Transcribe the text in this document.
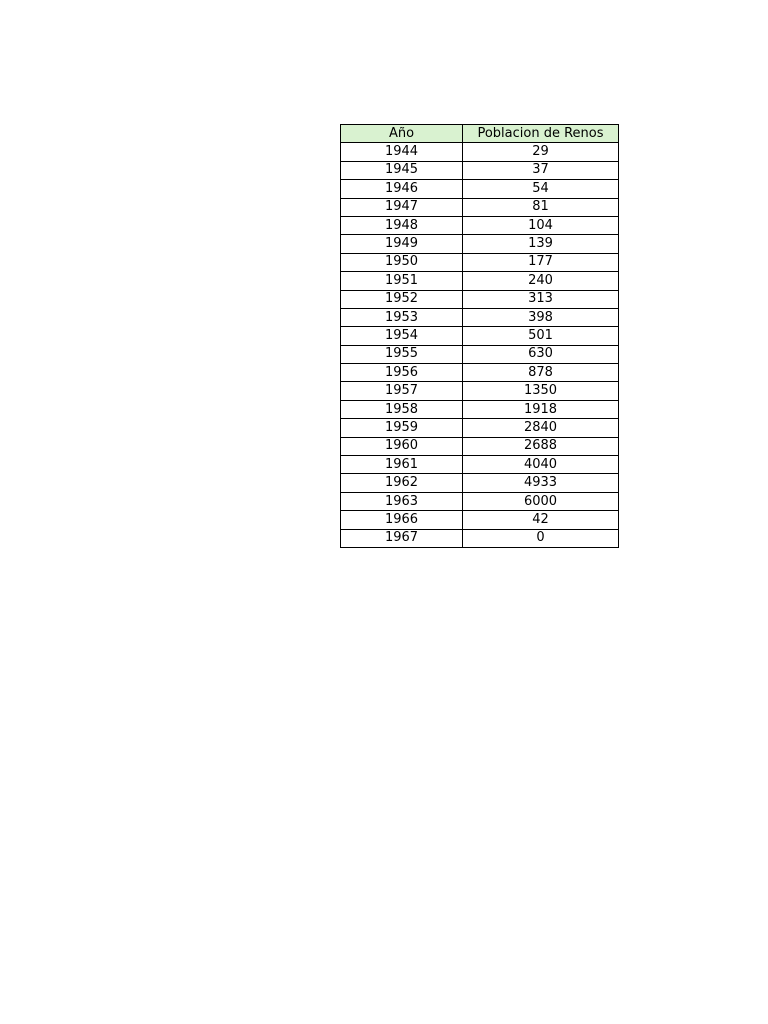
Año	Poblacion de Renos
1944	29
1945	37
1946	54
1947	81
1948	104
1949	139
1950	177
1951	240
1952	313
1953	398
1954	501
1955	630
1956	878
1957	1350
1958	1918
1959	2840
1960	2688
1961	4040
1962	4933
1963	6000
1966	42
1967	0
